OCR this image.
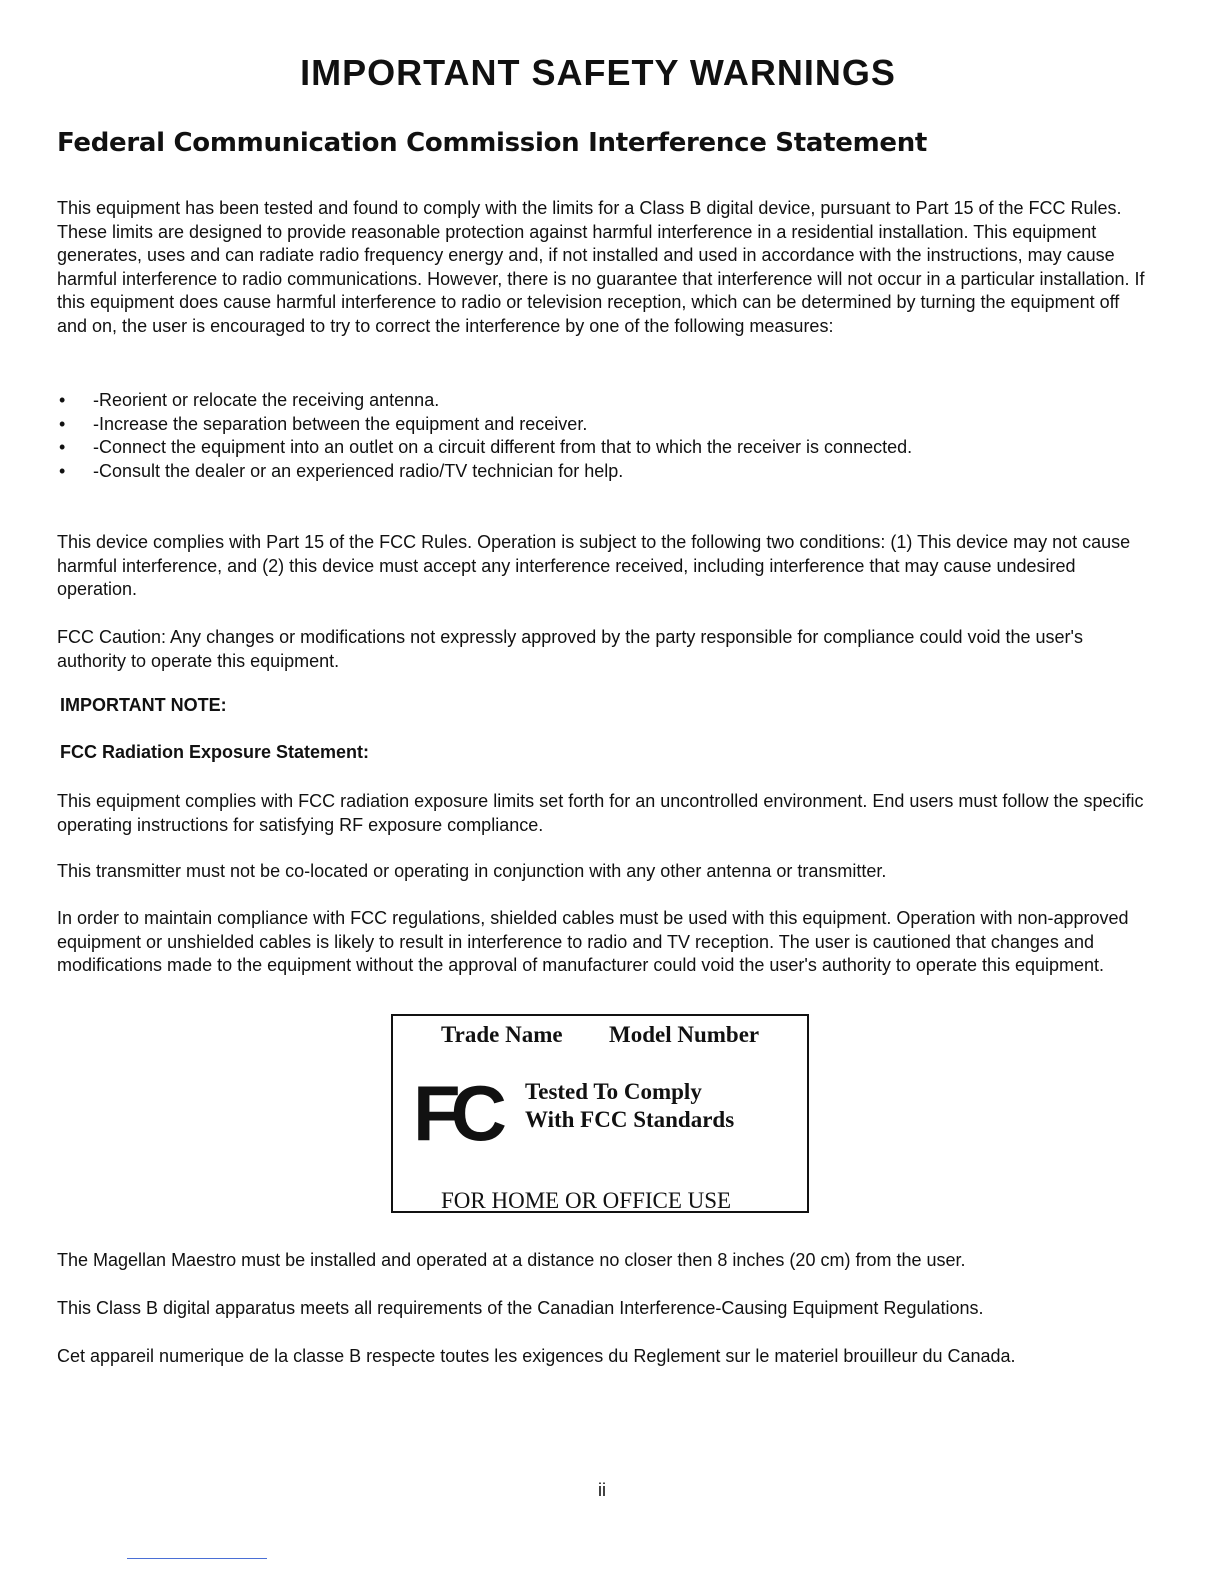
IMPORTANT SAFETY WARNINGS
Federal Communication Commission Interference Statement

This equipment has been tested and found to comply with the limits for a Class B digital device, pursuant to Part 15 of the FCC Rules. These limits are designed to provide reasonable protection against harmful interference in a residential installation. This equipment generates, uses and can radiate radio frequency energy and, if not installed and used in accordance with the instructions, may cause harmful interference to radio communications. However, there is no guarantee that interference will not occur in a particular installation. If this equipment does cause harmful interference to radio or television reception, which can be determined by turning the equipment off and on, the user is encouraged to try to correct the interference by one of the following measures:

• -Reorient or relocate the receiving antenna.
• -Increase the separation between the equipment and receiver.
• -Connect the equipment into an outlet on a circuit different from that to which the receiver is connected.
• -Consult the dealer or an experienced radio/TV technician for help.

This device complies with Part 15 of the FCC Rules. Operation is subject to the following two conditions: (1) This device may not cause harmful interference, and (2) this device must accept any interference received, including interference that may cause undesired operation.

FCC Caution: Any changes or modifications not expressly approved by the party responsible for compliance could void the user's authority to operate this equipment.

IMPORTANT NOTE:

FCC Radiation Exposure Statement:

This equipment complies with FCC radiation exposure limits set forth for an uncontrolled environment. End users must follow the specific operating instructions for satisfying RF exposure compliance.

This transmitter must not be co-located or operating in conjunction with any other antenna or transmitter.

In order to maintain compliance with FCC regulations, shielded cables must be used with this equipment. Operation with non-approved equipment or unshielded cables is likely to result in interference to radio and TV reception. The user is cautioned that changes and modifications made to the equipment without the approval of manufacturer could void the user's authority to operate this equipment.

Trade Name Model Number
FC	Tested To Comply
With FCC Standards
FOR HOME OR OFFICE USE

The Magellan Maestro must be installed and operated at a distance no closer then 8 inches (20 cm) from the user.

This Class B digital apparatus meets all requirements of the Canadian Interference-Causing Equipment Regulations.

Cet appareil numerique de la classe B respecte toutes les exigences du Reglement sur le materiel brouilleur du Canada.

ii
